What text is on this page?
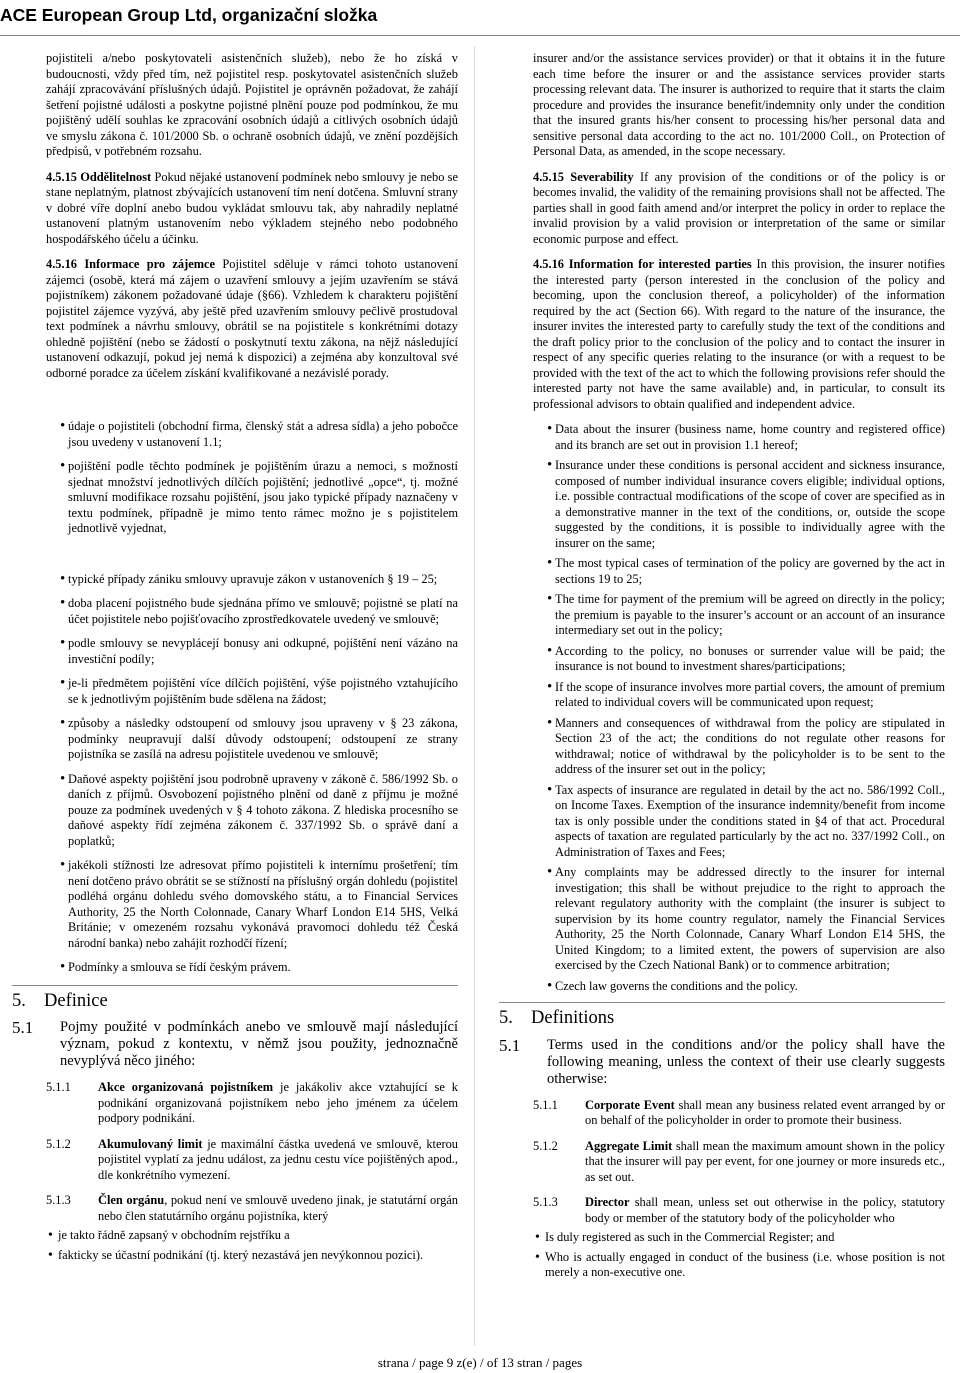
ACE European Group Ltd, organizační složka
pojistiteli a/nebo poskytovateli asistenčních služeb), nebo že ho získá v budoucnosti, vždy před tím, než pojistitel resp. poskytovatel asistenčních služeb zahájí zpracovávání příslušných údajů. Pojistitel je oprávněn požadovat, že zahájí šetření pojistné události a poskytne pojistné plnění pouze pod podmínkou, že mu pojištěný udělí souhlas ke zpracování osobních údajů a citlivých osobních údajů ve smyslu zákona č. 101/2000 Sb. o ochraně osobních údajů, ve znění pozdějších předpisů, v potřebném rozsahu.
4.5.15 Oddělitelnost Pokud nějaké ustanovení podmínek nebo smlouvy je nebo se stane neplatným, platnost zbývajících ustanovení tím není dotčena. Smluvní strany v dobré víře doplní anebo budou vykládat smlouvu tak, aby nahradily neplatné ustanovení platným ustanovením nebo výkladem stejného nebo podobného hospodářského účelu a účinku.
4.5.16 Informace pro zájemce Pojistitel sděluje v rámci tohoto ustanovení zájemci (osobě, která má zájem o uzavření smlouvy a jejím uzavřením se stává pojistníkem) zákonem požadované údaje (§66). Vzhledem k charakteru pojištění pojistitel zájemce vyzývá, aby ještě před uzavřením smlouvy pečlivě prostudoval text podmínek a návrhu smlouvy, obrátil se na pojistitele s konkrétními dotazy ohledně pojištění (nebo se žádostí o poskytnutí textu zákona, na nějž následující ustanovení odkazují, pokud jej nemá k dispozici) a zejména aby konzultoval své odborné poradce za účelem získání kvalifikované a nezávislé porady.
• údaje o pojistiteli (obchodní firma, členský stát a adresa sídla) a jeho pobočce jsou uvedeny v ustanovení 1.1;
• pojištění podle těchto podmínek je pojištěním úrazu a nemoci, s možností sjednat množství jednotlivých dílčích pojištění; jednotlivé „opce“, tj. možné smluvní modifikace rozsahu pojištění, jsou jako typické případy naznačeny v textu podmínek, případně je mimo tento rámec možno je s pojistitelem jednotlivě vyjednat,
• typické případy zániku smlouvy upravuje zákon v ustanoveních § 19 – 25;
• doba placení pojistného bude sjednána přímo ve smlouvě; pojistné se platí na účet pojistitele nebo pojišťovacího zprostředkovatele uvedený ve smlouvě;
• podle smlouvy se nevyplácejí bonusy ani odkupné, pojištění není vázáno na investiční podíly;
• je-li předmětem pojištění více dílčích pojištění, výše pojistného vztahujícího se k jednotlivým pojištěním bude sdělena na žádost;
• způsoby a následky odstoupení od smlouvy jsou upraveny v § 23 zákona, podmínky neupravují další důvody odstoupení; odstoupení ze strany pojistníka se zasílá na adresu pojistitele uvedenou ve smlouvě;
• Daňové aspekty pojištění jsou podrobně upraveny v zákoně č. 586/1992 Sb. o daních z příjmů. Osvobození pojistného plnění od daně z příjmu je možné pouze za podmínek uvedených v § 4 tohoto zákona. Z hlediska procesního se daňové aspekty řídí zejména zákonem č. 337/1992 Sb. o správě daní a poplatků;
• jakékoli stížnosti lze adresovat přímo pojistiteli k internímu prošetření; tím není dotčeno právo obrátit se se stížností na příslušný orgán dohledu (pojistitel podléhá orgánu dohledu svého domovského státu, a to Financial Services Authority, 25 the North Colonnade, Canary Wharf London E14 5HS, Velká Británie; v omezeném rozsahu vykonává pravomoci dohledu též Česká národní banka) nebo zahájit rozhodčí řízení;
• Podmínky a smlouva se řídí českým právem.
5. Definice
5.1	Pojmy použité v podmínkách anebo ve smlouvě mají následující význam, pokud z kontextu, v němž jsou použity, jednoznačně nevyplývá něco jiného:
5.1.1	Akce organizovaná pojistníkem je jakákoliv akce vztahující se k podnikání organizovaná pojistníkem nebo jeho jménem za účelem podpory podnikání.
5.1.2	Akumulovaný limit je maximální částka uvedená ve smlouvě, kterou pojistitel vyplatí za jednu událost, za jednu cestu více pojištěných apod., dle konkrétního vymezení.
5.1.3	Člen orgánu, pokud není ve smlouvě uvedeno jinak, je statutární orgán nebo člen statutárního orgánu pojistníka, který
• je takto řádně zapsaný v obchodním rejstříku a
• fakticky se účastní podnikání (tj. který nezastává jen nevýkonnou pozici).
insurer and/or the assistance services provider) or that it obtains it in the future each time before the insurer or and the assistance services provider starts processing relevant data. The insurer is authorized to require that it starts the claim procedure and provides the insurance benefit/indemnity only under the condition that the insured grants his/her consent to processing his/her personal data and sensitive personal data according to the act no. 101/2000 Coll., on Protection of Personal Data, as amended, in the scope necessary.
4.5.15 Severability If any provision of the conditions or of the policy is or becomes invalid, the validity of the remaining provisions shall not be affected. The parties shall in good faith amend and/or interpret the policy in order to replace the invalid provision by a valid provision or interpretation of the same or similar economic purpose and effect.
4.5.16 Information for interested parties In this provision, the insurer notifies the interested party (person interested in the conclusion of the policy and becoming, upon the conclusion thereof, a policyholder) of the information required by the act (Section 66). With regard to the nature of the insurance, the insurer invites the interested party to carefully study the text of the conditions and the draft policy prior to the conclusion of the policy and to contact the insurer in respect of any specific queries relating to the insurance (or with a request to be provided with the text of the act to which the following provisions refer should the interested party not have the same available) and, in particular, to consult its professional advisors to obtain qualified and independent advice.
• Data about the insurer (business name, home country and registered office) and its branch are set out in provision 1.1 hereof;
• Insurance under these conditions is personal accident and sickness insurance, composed of number individual insurance covers eligible; individual options, i.e. possible contractual modifications of the scope of cover are specified as in a demonstrative manner in the text of the conditions, or, outside the scope suggested by the conditions, it is possible to individually agree with the insurer on the same;
• The most typical cases of termination of the policy are governed by the act in sections 19 to 25;
• The time for payment of the premium will be agreed on directly in the policy; the premium is payable to the insurer’s account or an account of an insurance intermediary set out in the policy;
• According to the policy, no bonuses or surrender value will be paid; the insurance is not bound to investment shares/participations;
• If the scope of insurance involves more partial covers, the amount of premium related to individual covers will be communicated upon request;
• Manners and consequences of withdrawal from the policy are stipulated in Section 23 of the act; the conditions do not regulate other reasons for withdrawal; notice of withdrawal by the policyholder is to be sent to the address of the insurer set out in the policy;
• Tax aspects of insurance are regulated in detail by the act no. 586/1992 Coll., on Income Taxes. Exemption of the insurance indemnity/benefit from income tax is only possible under the conditions stated in §4 of that act. Procedural aspects of taxation are regulated particularly by the act no. 337/1992 Coll., on Administration of Taxes and Fees;
• Any complaints may be addressed directly to the insurer for internal investigation; this shall be without prejudice to the right to approach the relevant regulatory authority with the complaint (the insurer is subject to supervision by its home country regulator, namely the Financial Services Authority, 25 the North Colonnade, Canary Wharf London E14 5HS, the United Kingdom; to a limited extent, the powers of supervision are also exercised by the Czech National Bank) or to commence arbitration;
• Czech law governs the conditions and the policy.
5. Definitions
5.1	Terms used in the conditions and/or the policy shall have the following meaning, unless the context of their use clearly suggests otherwise:
5.1.1	Corporate Event shall mean any business related event arranged by or on behalf of the policyholder in order to promote their business.
5.1.2	Aggregate Limit shall mean the maximum amount shown in the policy that the insurer will pay per event, for one journey or more insureds etc., as set out.
5.1.3	Director shall mean, unless set out otherwise in the policy, statutory body or member of the statutory body of the policyholder who
• Is duly registered as such in the Commercial Register; and
• Who is actually engaged in conduct of the business (i.e. whose position is not merely a non-executive one.
strana / page 9 z(e) / of 13 stran / pages
